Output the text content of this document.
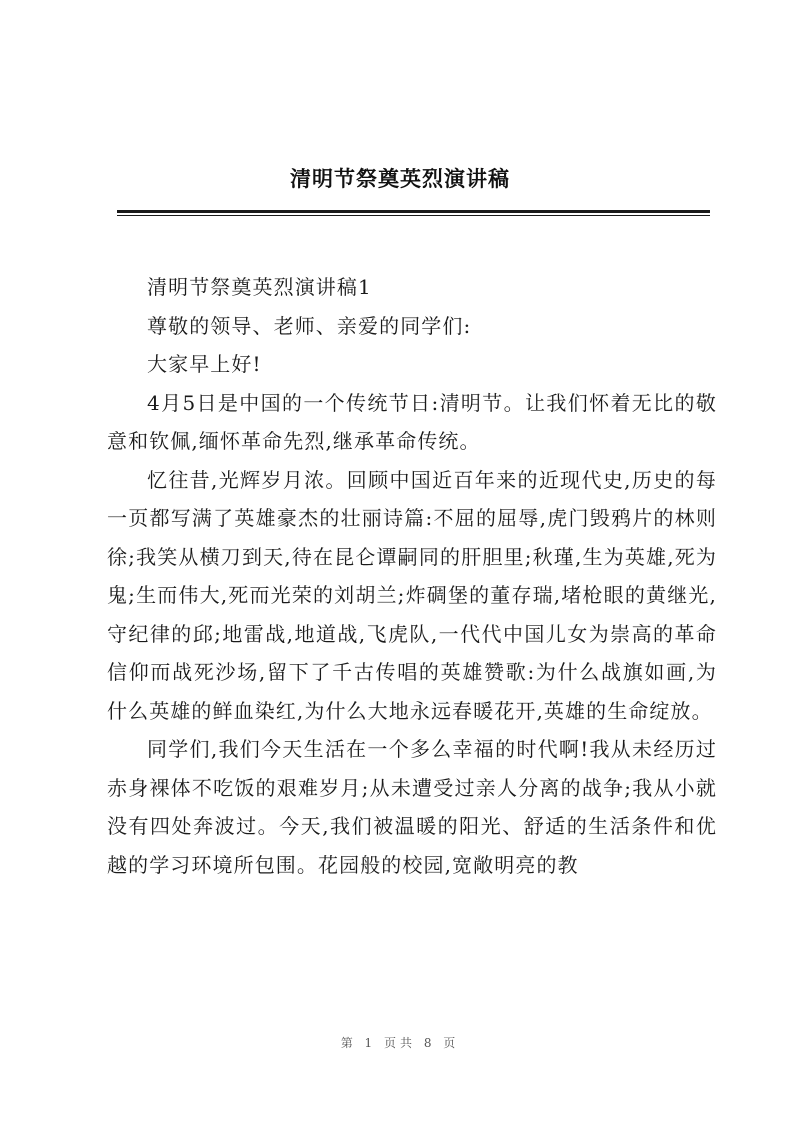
清明节祭奠英烈演讲稿

清明节祭奠英烈演讲稿1

尊敬的领导、老师、亲爱的同学们:

大家早上好!

4月5日是中国的一个传统节日:清明节。让我们怀着无比的敬意和钦佩,缅怀革命先烈,继承革命传统。

忆往昔,光辉岁月浓。回顾中国近百年来的近现代史,历史的每一页都写满了英雄豪杰的壮丽诗篇:不屈的屈辱,虎门毁鸦片的林则徐;我笑从横刀到天,待在昆仑谭嗣同的肝胆里;秋瑾,生为英雄,死为鬼;生而伟大,死而光荣的刘胡兰;炸碉堡的董存瑞,堵枪眼的黄继光,守纪律的邱;地雷战,地道战,飞虎队,一代代中国儿女为崇高的革命信仰而战死沙场,留下了千古传唱的英雄赞歌:为什么战旗如画,为什么英雄的鲜血染红,为什么大地永远春暖花开,英雄的生命绽放。

同学们,我们今天生活在一个多么幸福的时代啊!我从未经历过赤身裸体不吃饭的艰难岁月;从未遭受过亲人分离的战争;我从小就没有四处奔波过。今天,我们被温暖的阳光、舒适的生活条件和优越的学习环境所包围。花园般的校园,宽敞明亮的教

第 1 页共 8 页
